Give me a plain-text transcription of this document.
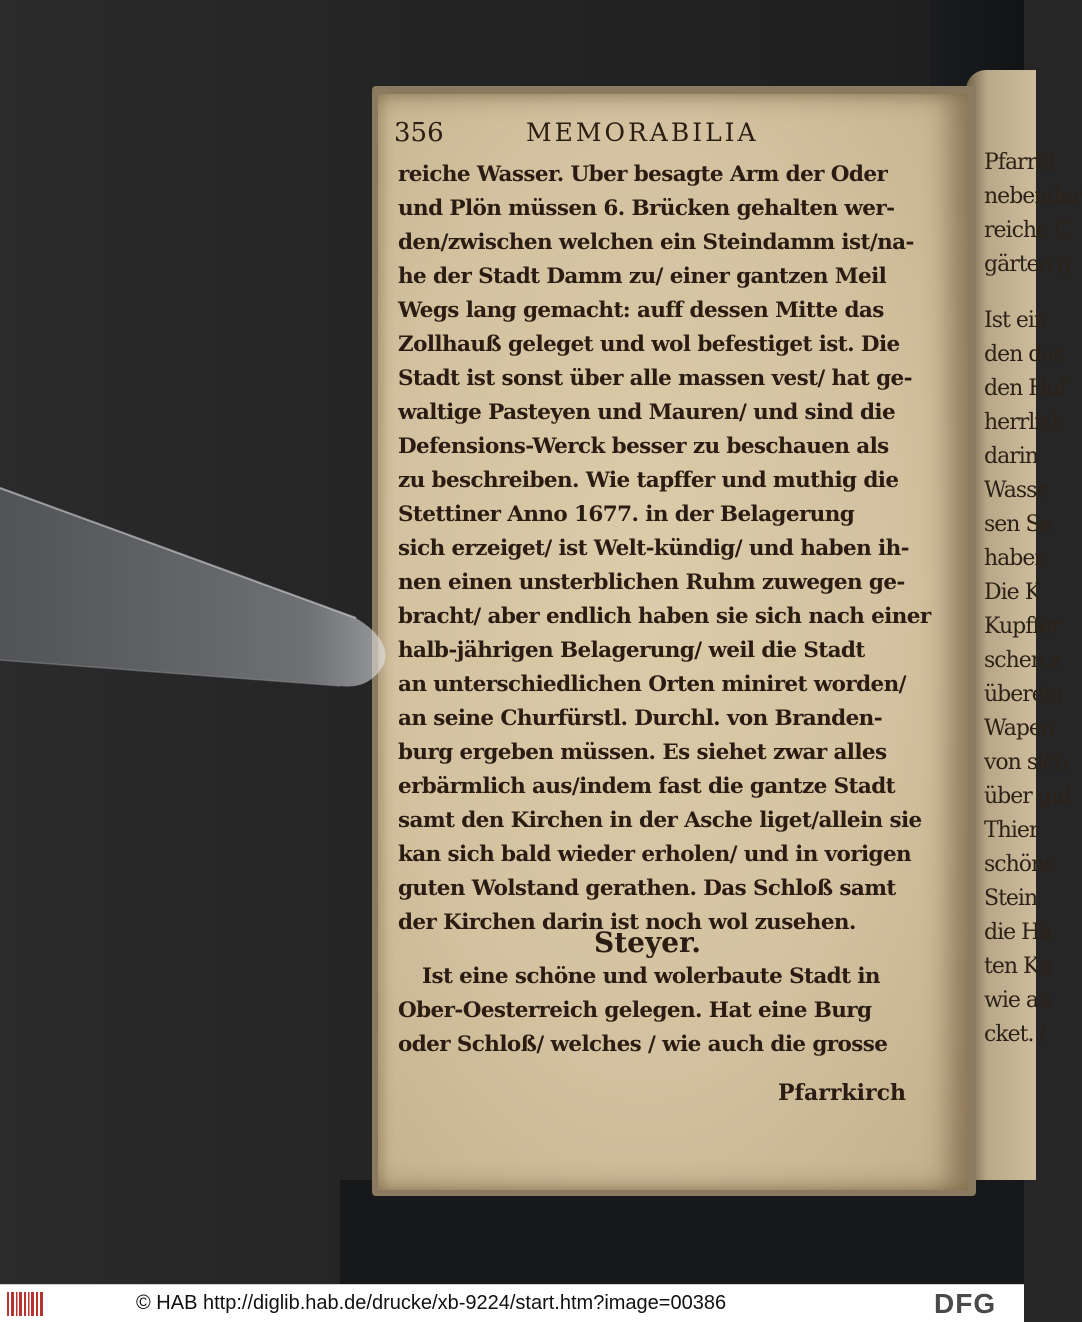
Pfarrki
nebender
reiche C
gärten g
Ist ein
den das
den Hof
herrlich
darin
Wasse
sen Se
haben
Die K
Kupffer
schen z
überein
Wapen
von sich
über gul
Thier
schöne
Stein
die Hä
ten Kn
wie au
cket. (
356	MEMORABILIA
reiche Wasser. Uber besagte Arm der Oder
und Plön müssen 6. Brücken gehalten wer-
den/zwischen welchen ein Steindamm ist/na-
he der Stadt Damm zu/ einer gantzen Meil
Wegs lang gemacht: auff dessen Mitte das
Zollhauß geleget und wol befestiget ist. Die
Stadt ist sonst über alle massen vest/ hat ge-
waltige Pasteyen und Mauren/ und sind die
Defensions-Werck besser zu beschauen als
zu beschreiben. Wie tapffer und muthig die
Stettiner Anno 1677. in der Belagerung
sich erzeiget/ ist Welt-kündig/ und haben ih-
nen einen unsterblichen Ruhm zuwegen ge-
bracht/ aber endlich haben sie sich nach einer
halb-jährigen Belagerung/ weil die Stadt
an unterschiedlichen Orten miniret worden/
an seine Churfürstl. Durchl. von Branden-
burg ergeben müssen. Es siehet zwar alles
erbärmlich aus/indem fast die gantze Stadt
samt den Kirchen in der Asche liget/allein sie
kan sich bald wieder erholen/ und in vorigen
guten Wolstand gerathen. Das Schloß samt
der Kirchen darin ist noch wol zusehen.
Ist eine schöne und wolerbaute Stadt in
Ober-Oesterreich gelegen. Hat eine Burg
oder Schloß/ welches / wie auch die grosse
Steyer.
Pfarrkirch
© HAB http://diglib.hab.de/drucke/xb-9224/start.htm?image=00386	DFG
